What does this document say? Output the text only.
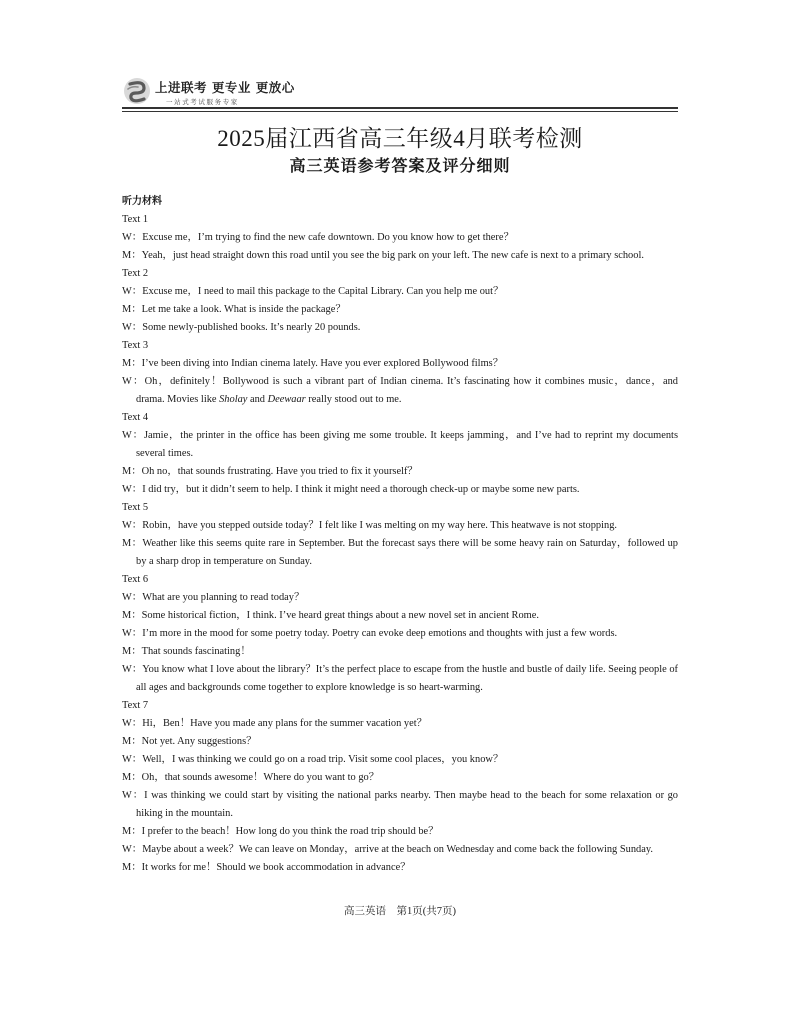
上进联考 更专业 更放心
一站式考试服务专家
2025届江西省高三年级4月联考检测
高三英语参考答案及评分细则
听力材料
Text 1
W：Excuse me，I’m trying to find the new cafe downtown. Do you know how to get there？
M：Yeah，just head straight down this road until you see the big park on your left. The new cafe is next to a primary school.
Text 2
W：Excuse me，I need to mail this package to the Capital Library. Can you help me out？
M：Let me take a look. What is inside the package？
W：Some newly-published books. It’s nearly 20 pounds.
Text 3
M：I’ve been diving into Indian cinema lately. Have you ever explored Bollywood films？
W：Oh，definitely！Bollywood is such a vibrant part of Indian cinema. It’s fascinating how it combines music，dance，and drama. Movies like Sholay and Deewaar really stood out to me.
Text 4
W：Jamie，the printer in the office has been giving me some trouble. It keeps jamming，and I’ve had to reprint my documents several times.
M：Oh no，that sounds frustrating. Have you tried to fix it yourself？
W：I did try，but it didn’t seem to help. I think it might need a thorough check-up or maybe some new parts.
Text 5
W：Robin，have you stepped outside today？I felt like I was melting on my way here. This heatwave is not stopping.
M：Weather like this seems quite rare in September. But the forecast says there will be some heavy rain on Saturday，followed up by a sharp drop in temperature on Sunday.
Text 6
W：What are you planning to read today？
M：Some historical fiction，I think. I’ve heard great things about a new novel set in ancient Rome.
W：I’m more in the mood for some poetry today. Poetry can evoke deep emotions and thoughts with just a few words.
M：That sounds fascinating！
W：You know what I love about the library？It’s the perfect place to escape from the hustle and bustle of daily life. Seeing people of all ages and backgrounds come together to explore knowledge is so heart-warming.
Text 7
W：Hi，Ben！Have you made any plans for the summer vacation yet？
M：Not yet. Any suggestions？
W：Well，I was thinking we could go on a road trip. Visit some cool places，you know？
M：Oh，that sounds awesome！Where do you want to go？
W：I was thinking we could start by visiting the national parks nearby. Then maybe head to the beach for some relaxation or go hiking in the mountain.
M：I prefer to the beach！How long do you think the road trip should be？
W：Maybe about a week？We can leave on Monday，arrive at the beach on Wednesday and come back the following Sunday.
M：It works for me！Should we book accommodation in advance？
高三英语　第1页(共7页)
